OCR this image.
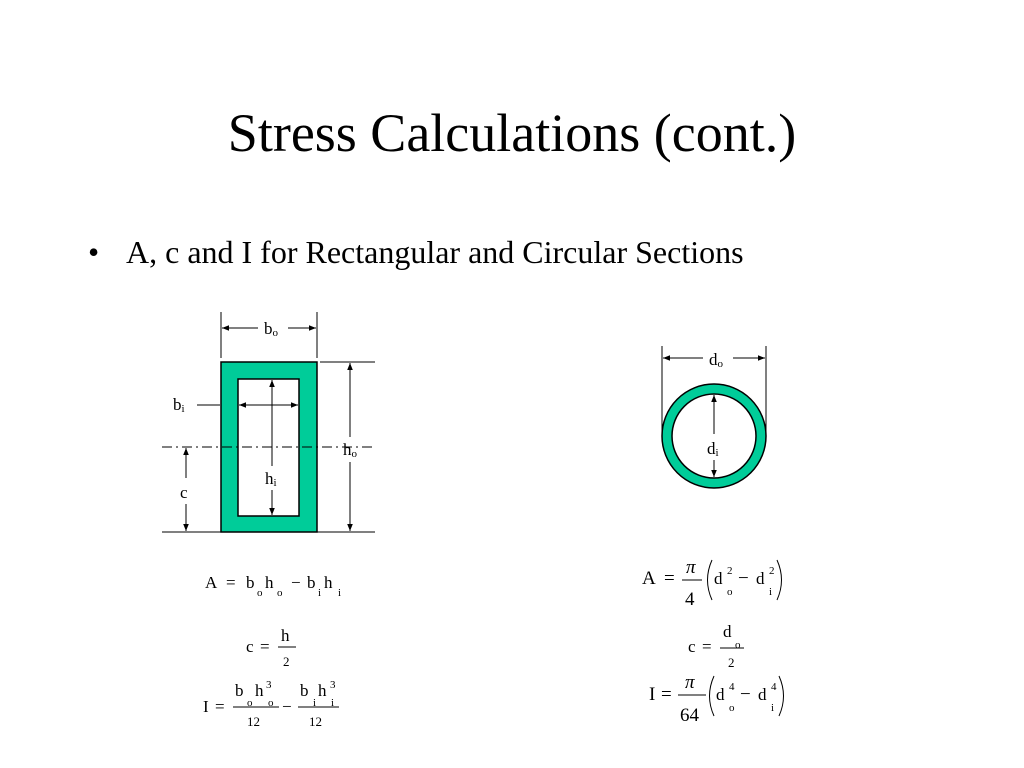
Stress Calculations (cont.)
• A, c and I for Rectangular and Circular Sections
bo
bi
ho
hi
c
do
di
A = b
o
h
o
− b
i
h
i
c =
h
2
I =
b h 3
o o
12
−
b h 3
i i
12
A =
π
4
d 2
o
− d 2
i
c =
d
o
2
I =
π
64
d 4
o
− d 4
i
